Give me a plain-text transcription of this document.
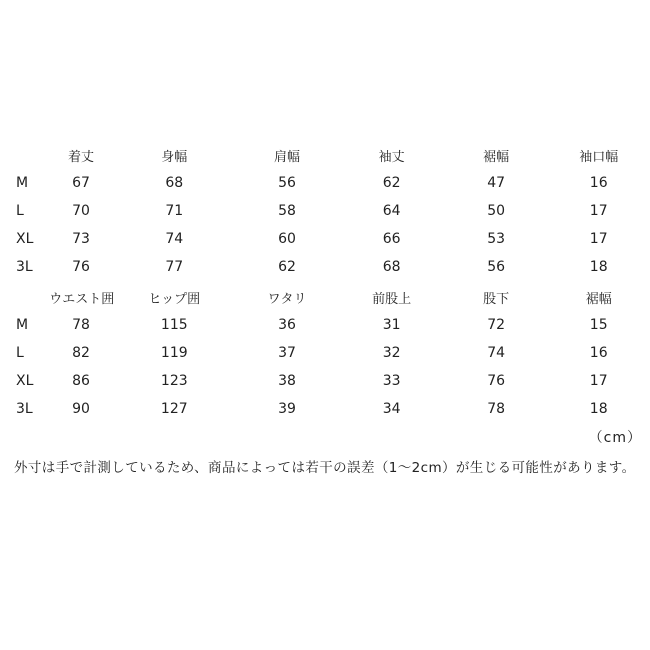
	着丈	身幅	肩幅	袖丈	裾幅	袖口幅
M	67	68	56	62	47	16
L	70	71	58	64	50	17
XL	73	74	60	66	53	17
3L	76	77	62	68	56	18
	ウエスト囲	ヒップ囲	ワタリ	前股上	股下	裾幅
M	78	115	36	31	72	15
L	82	119	37	32	74	16
XL	86	123	38	33	76	17
3L	90	127	39	34	78	18
（cm）
外寸は手で計測しているため、商品によっては若干の誤差（1〜2cm）が生じる可能性があります。
